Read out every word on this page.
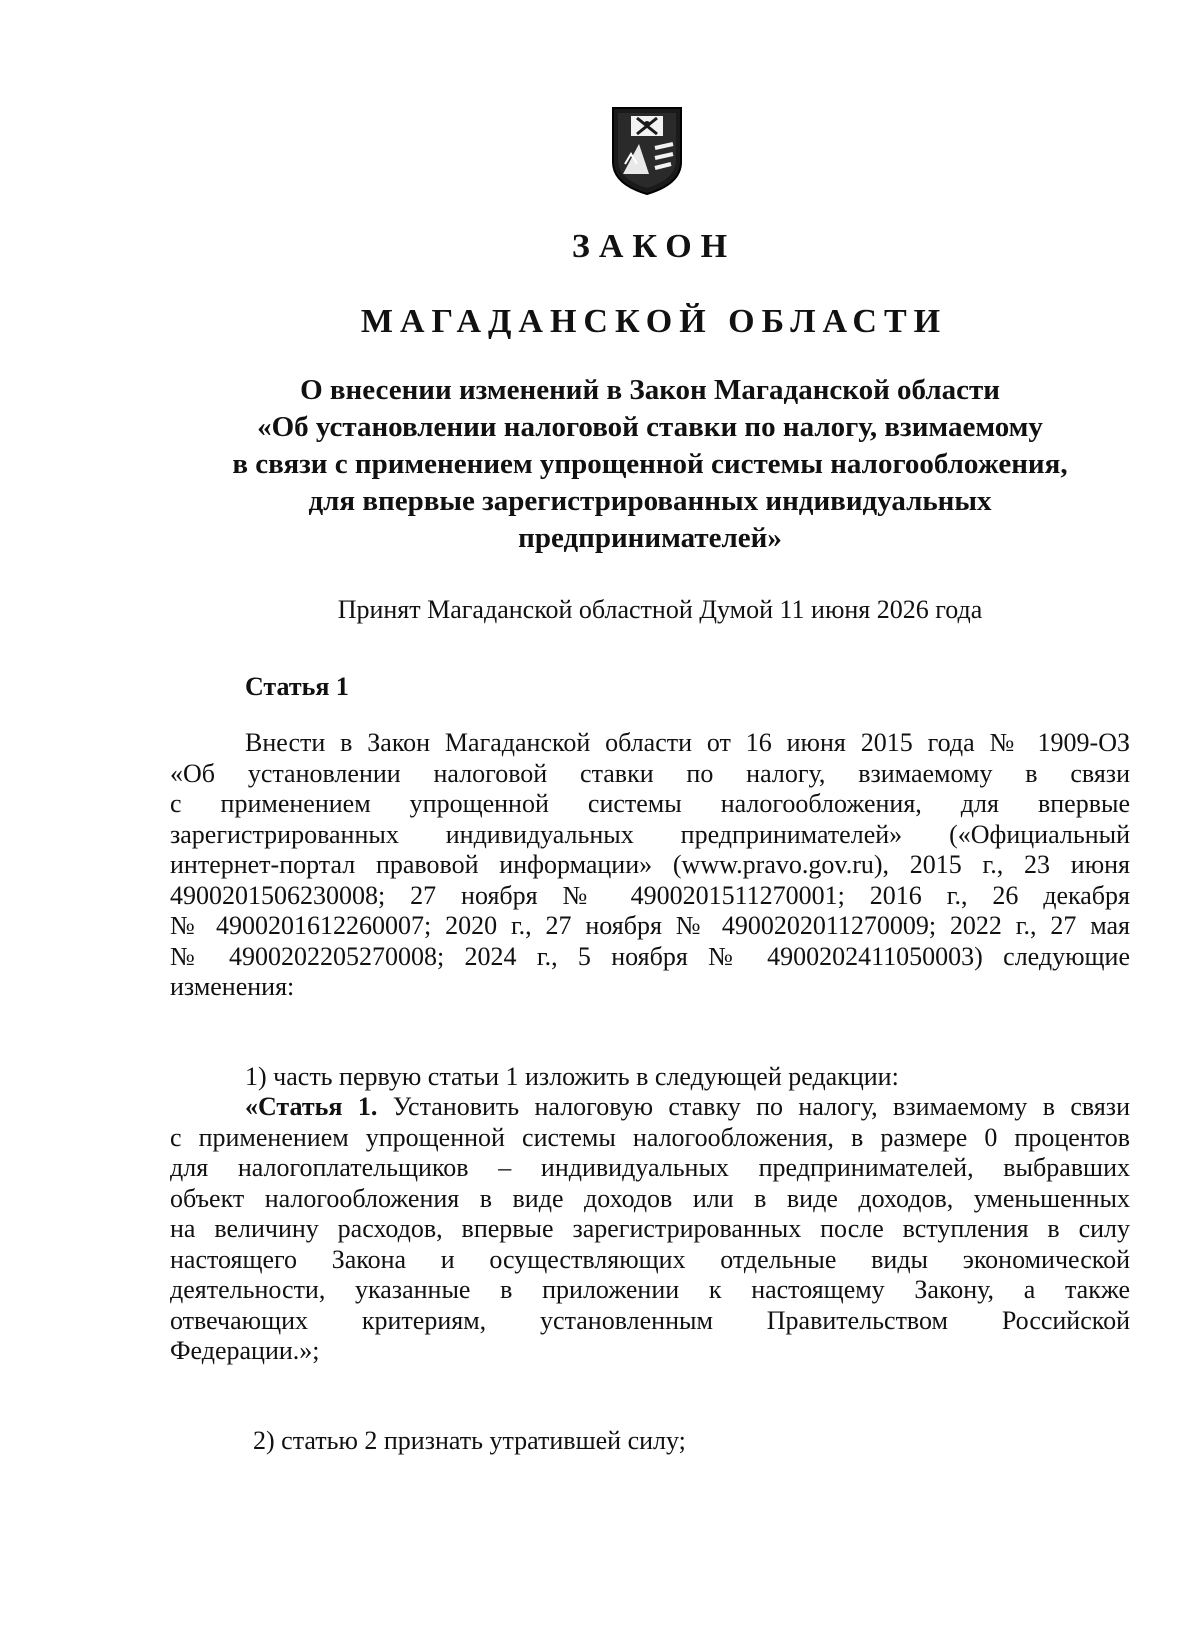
ЗАКОН
МАГАДАНСКОЙ ОБЛАСТИ
О внесении изменений в Закон Магаданской области
«Об установлении налоговой ставки по налогу, взимаемому
в связи с применением упрощенной системы налогообложения,
для впервые зарегистрированных индивидуальных
предпринимателей»
Принят Магаданской областной Думой 11 июня 2026 года
Статья 1
Внести в Закон Магаданской области от 16 июня 2015 года № 1909-ОЗ
«Об установлении налоговой ставки по налогу, взимаемому в связи
с применением упрощенной системы налогообложения, для впервые
зарегистрированных индивидуальных предпринимателей» («Официальный
интернет-портал правовой информации» (www.pravo.gov.ru), 2015 г., 23 июня
4900201506230008; 27 ноября № 4900201511270001; 2016 г., 26 декабря
№ 4900201612260007; 2020 г., 27 ноября № 4900202011270009; 2022 г., 27 мая
№ 4900202205270008; 2024 г., 5 ноября № 4900202411050003) следующие
изменения:
1) часть первую статьи 1 изложить в следующей редакции:
«Статья 1. Установить налоговую ставку по налогу, взимаемому в связи
с применением упрощенной системы налогообложения, в размере 0 процентов
для налогоплательщиков – индивидуальных предпринимателей, выбравших
объект налогообложения в виде доходов или в виде доходов, уменьшенных
на величину расходов, впервые зарегистрированных после вступления в силу
настоящего Закона и осуществляющих отдельные виды экономической
деятельности, указанные в приложении к настоящему Закону, а также
отвечающих критериям, установленным Правительством Российской
Федерации.»;
2) статью 2 признать утратившей силу;
